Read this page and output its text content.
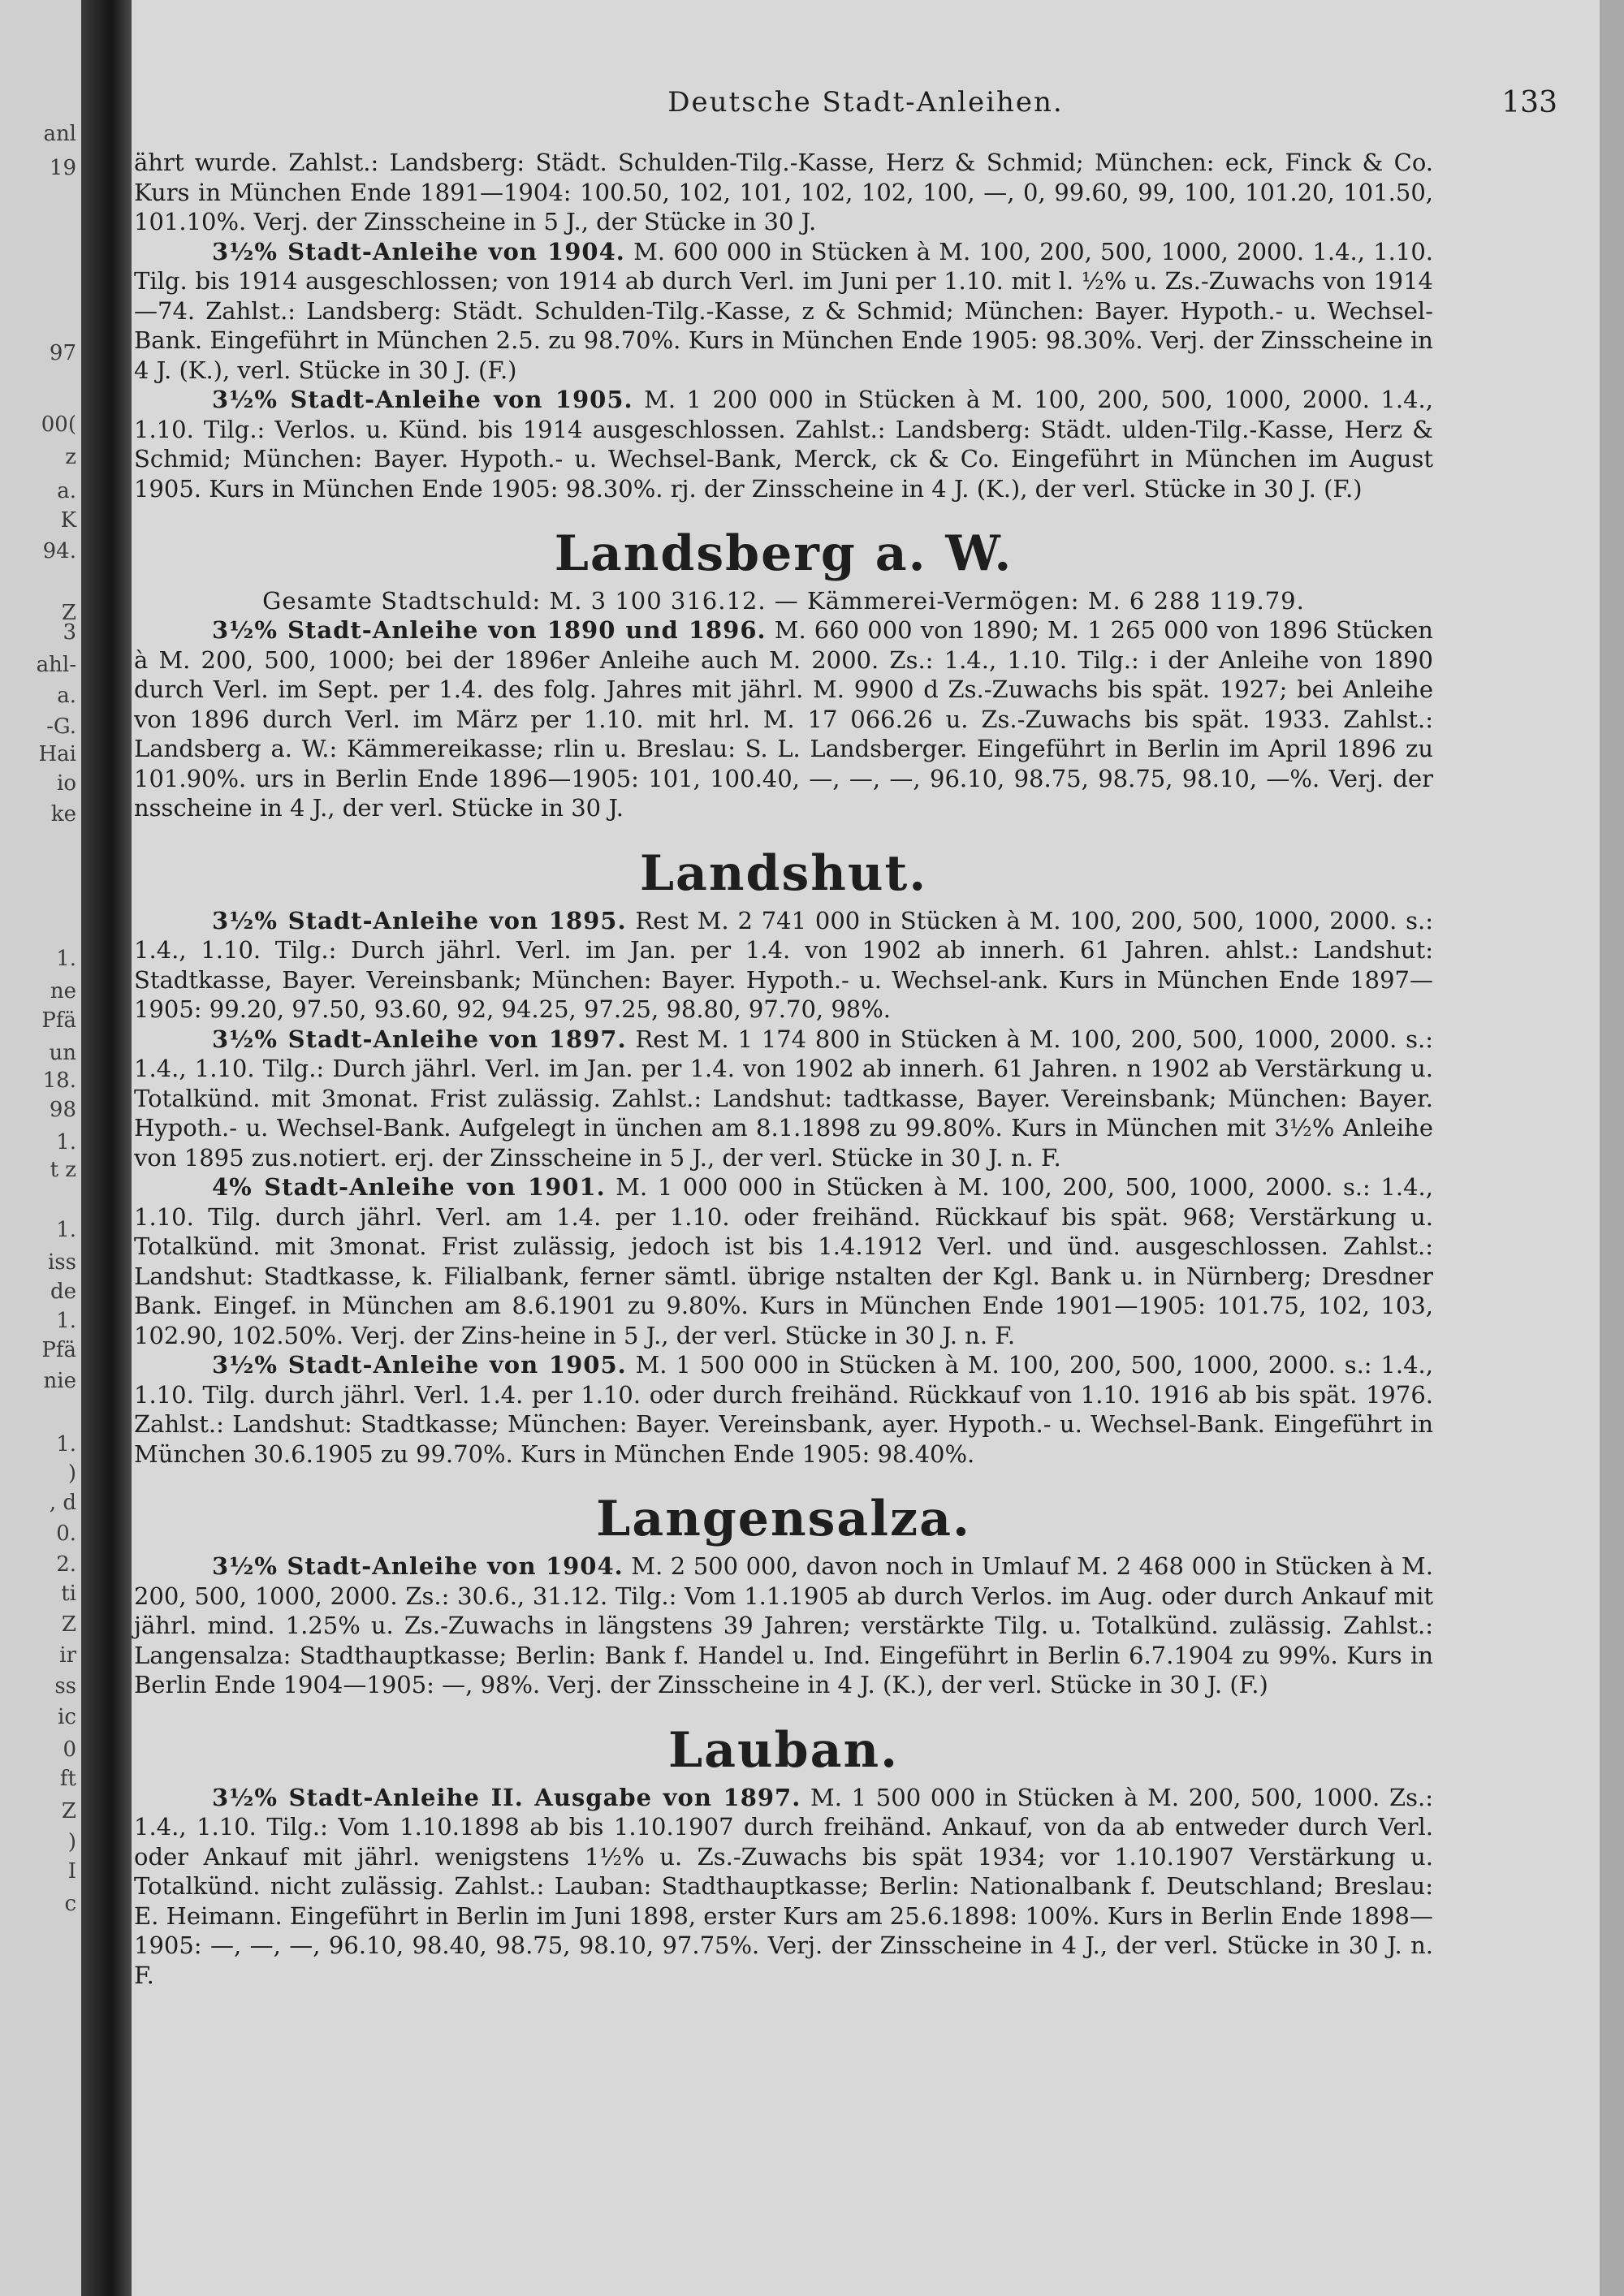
anl
19
97
00(
z
a.
K
94.
Z
3
ahl-
a.
-G.
Hai
io
ke
1.
ne
Pfä
un
18.
98
1.
t z
1.
iss
de
1.
Pfä
nie
1.
)
, d
0.
2.
ti
Z
ir
ss
ic
0
ft
Z
)
I
c
Deutsche Stadt-Anleihen.	133

ährt wurde. Zahlst.: Landsberg: Städt. Schulden-Tilg.-Kasse, Herz & Schmid; München: eck, Finck & Co. Kurs in München Ende 1891—1904: 100.50, 102, 101, 102, 102, 100, —, 0, 99.60, 99, 100, 101.20, 101.50, 101.10%. Verj. der Zinsscheine in 5 J., der Stücke in 30 J.

3½% Stadt-Anleihe von 1904. M. 600 000 in Stücken à M. 100, 200, 500, 1000, 2000. 1.4., 1.10. Tilg. bis 1914 ausgeschlossen; von 1914 ab durch Verl. im Juni per 1.10. mit l. ½% u. Zs.-Zuwachs von 1914—74. Zahlst.: Landsberg: Städt. Schulden-Tilg.-Kasse, z & Schmid; München: Bayer. Hypoth.- u. Wechsel-Bank. Eingeführt in München 2.5. zu 98.70%. Kurs in München Ende 1905: 98.30%. Verj. der Zinsscheine in 4 J. (K.), verl. Stücke in 30 J. (F.)

3½% Stadt-Anleihe von 1905. M. 1 200 000 in Stücken à M. 100, 200, 500, 1000, 2000. 1.4., 1.10. Tilg.: Verlos. u. Künd. bis 1914 ausgeschlossen. Zahlst.: Landsberg: Städt. ulden-Tilg.-Kasse, Herz & Schmid; München: Bayer. Hypoth.- u. Wechsel-Bank, Merck, ck & Co. Eingeführt in München im August 1905. Kurs in München Ende 1905: 98.30%. rj. der Zinsscheine in 4 J. (K.), der verl. Stücke in 30 J. (F.)

Landsberg a. W.

Gesamte Stadtschuld: M. 3 100 316.12. — Kämmerei-Vermögen: M. 6 288 119.79.

3½% Stadt-Anleihe von 1890 und 1896. M. 660 000 von 1890; M. 1 265 000 von 1896 Stücken à M. 200, 500, 1000; bei der 1896er Anleihe auch M. 2000. Zs.: 1.4., 1.10. Tilg.: i der Anleihe von 1890 durch Verl. im Sept. per 1.4. des folg. Jahres mit jährl. M. 9900 d Zs.-Zuwachs bis spät. 1927; bei Anleihe von 1896 durch Verl. im März per 1.10. mit hrl. M. 17 066.26 u. Zs.-Zuwachs bis spät. 1933. Zahlst.: Landsberg a. W.: Kämmereikasse; rlin u. Breslau: S. L. Landsberger. Eingeführt in Berlin im April 1896 zu 101.90%. urs in Berlin Ende 1896—1905: 101, 100.40, —, —, —, 96.10, 98.75, 98.75, 98.10, —%. Verj. der nsscheine in 4 J., der verl. Stücke in 30 J.

Landshut.

3½% Stadt-Anleihe von 1895. Rest M. 2 741 000 in Stücken à M. 100, 200, 500, 1000, 2000. s.: 1.4., 1.10. Tilg.: Durch jährl. Verl. im Jan. per 1.4. von 1902 ab innerh. 61 Jahren. ahlst.: Landshut: Stadtkasse, Bayer. Vereinsbank; München: Bayer. Hypoth.- u. Wechsel-ank. Kurs in München Ende 1897—1905: 99.20, 97.50, 93.60, 92, 94.25, 97.25, 98.80, 97.70, 98%.

3½% Stadt-Anleihe von 1897. Rest M. 1 174 800 in Stücken à M. 100, 200, 500, 1000, 2000. s.: 1.4., 1.10. Tilg.: Durch jährl. Verl. im Jan. per 1.4. von 1902 ab innerh. 61 Jahren. n 1902 ab Verstärkung u. Totalkünd. mit 3monat. Frist zulässig. Zahlst.: Landshut: tadtkasse, Bayer. Vereinsbank; München: Bayer. Hypoth.- u. Wechsel-Bank. Aufgelegt in ünchen am 8.1.1898 zu 99.80%. Kurs in München mit 3½% Anleihe von 1895 zus.notiert. erj. der Zinsscheine in 5 J., der verl. Stücke in 30 J. n. F.

4% Stadt-Anleihe von 1901. M. 1 000 000 in Stücken à M. 100, 200, 500, 1000, 2000. s.: 1.4., 1.10. Tilg. durch jährl. Verl. am 1.4. per 1.10. oder freihänd. Rückkauf bis spät. 968; Verstärkung u. Totalkünd. mit 3monat. Frist zulässig, jedoch ist bis 1.4.1912 Verl. und ünd. ausgeschlossen. Zahlst.: Landshut: Stadtkasse, k. Filialbank, ferner sämtl. übrige nstalten der Kgl. Bank u. in Nürnberg; Dresdner Bank. Eingef. in München am 8.6.1901 zu 9.80%. Kurs in München Ende 1901—1905: 101.75, 102, 103, 102.90, 102.50%. Verj. der Zins-heine in 5 J., der verl. Stücke in 30 J. n. F.

3½% Stadt-Anleihe von 1905. M. 1 500 000 in Stücken à M. 100, 200, 500, 1000, 2000. s.: 1.4., 1.10. Tilg. durch jährl. Verl. 1.4. per 1.10. oder durch freihänd. Rückkauf von 1.10. 1916 ab bis spät. 1976. Zahlst.: Landshut: Stadtkasse; München: Bayer. Vereinsbank, ayer. Hypoth.- u. Wechsel-Bank. Eingeführt in München 30.6.1905 zu 99.70%. Kurs in München Ende 1905: 98.40%.

Langensalza.

3½% Stadt-Anleihe von 1904. M. 2 500 000, davon noch in Umlauf M. 2 468 000 in Stücken à M. 200, 500, 1000, 2000. Zs.: 30.6., 31.12. Tilg.: Vom 1.1.1905 ab durch Verlos. im Aug. oder durch Ankauf mit jährl. mind. 1.25% u. Zs.-Zuwachs in längstens 39 Jahren; verstärkte Tilg. u. Totalkünd. zulässig. Zahlst.: Langensalza: Stadthauptkasse; Berlin: Bank f. Handel u. Ind. Eingeführt in Berlin 6.7.1904 zu 99%. Kurs in Berlin Ende 1904—1905: —, 98%. Verj. der Zinsscheine in 4 J. (K.), der verl. Stücke in 30 J. (F.)

Lauban.

3½% Stadt-Anleihe II. Ausgabe von 1897. M. 1 500 000 in Stücken à M. 200, 500, 1000. Zs.: 1.4., 1.10. Tilg.: Vom 1.10.1898 ab bis 1.10.1907 durch freihänd. Ankauf, von da ab entweder durch Verl. oder Ankauf mit jährl. wenigstens 1½% u. Zs.-Zuwachs bis spät 1934; vor 1.10.1907 Verstärkung u. Totalkünd. nicht zulässig. Zahlst.: Lauban: Stadthauptkasse; Berlin: Nationalbank f. Deutschland; Breslau: E. Heimann. Eingeführt in Berlin im Juni 1898, erster Kurs am 25.6.1898: 100%. Kurs in Berlin Ende 1898—1905: —, —, —, 96.10, 98.40, 98.75, 98.10, 97.75%. Verj. der Zinsscheine in 4 J., der verl. Stücke in 30 J. n. F.
